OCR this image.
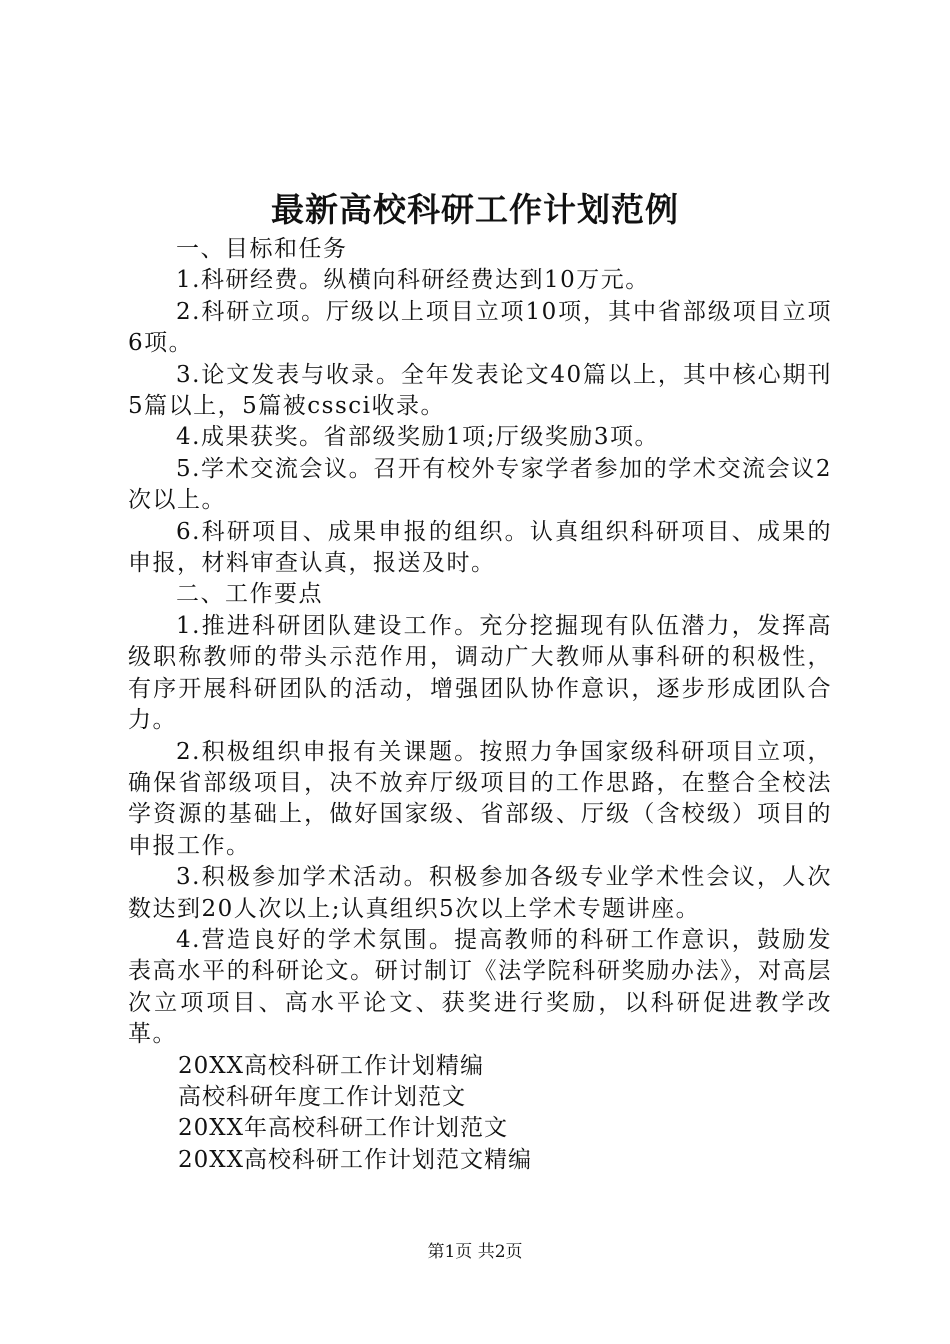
最新高校科研工作计划范例

一、目标和任务

1.科研经费。纵横向科研经费达到10万元。

2.科研立项。厅级以上项目立项10项，其中省部级项目立项6项。

3.论文发表与收录。全年发表论文40篇以上，其中核心期刊5篇以上，5篇被cssci收录。

4.成果获奖。省部级奖励1项;厅级奖励3项。

5.学术交流会议。召开有校外专家学者参加的学术交流会议2次以上。

6.科研项目、成果申报的组织。认真组织科研项目、成果的申报，材料审查认真，报送及时。

二、工作要点

1.推进科研团队建设工作。充分挖掘现有队伍潜力，发挥高级职称教师的带头示范作用，调动广大教师从事科研的积极性，有序开展科研团队的活动，增强团队协作意识，逐步形成团队合力。

2.积极组织申报有关课题。按照力争国家级科研项目立项，确保省部级项目，决不放弃厅级项目的工作思路，在整合全校法学资源的基础上，做好国家级、省部级、厅级（含校级）项目的申报工作。

3.积极参加学术活动。积极参加各级专业学术性会议，人次数达到20人次以上;认真组织5次以上学术专题讲座。

4.营造良好的学术氛围。提高教师的科研工作意识，鼓励发表高水平的科研论文。研讨制订《法学院科研奖励办法》，对高层次立项项目、高水平论文、获奖进行奖励，以科研促进教学改革。

20XX高校科研工作计划精编

高校科研年度工作计划范文

20XX年高校科研工作计划范文

20XX高校科研工作计划范文精编

第1页 共2页
